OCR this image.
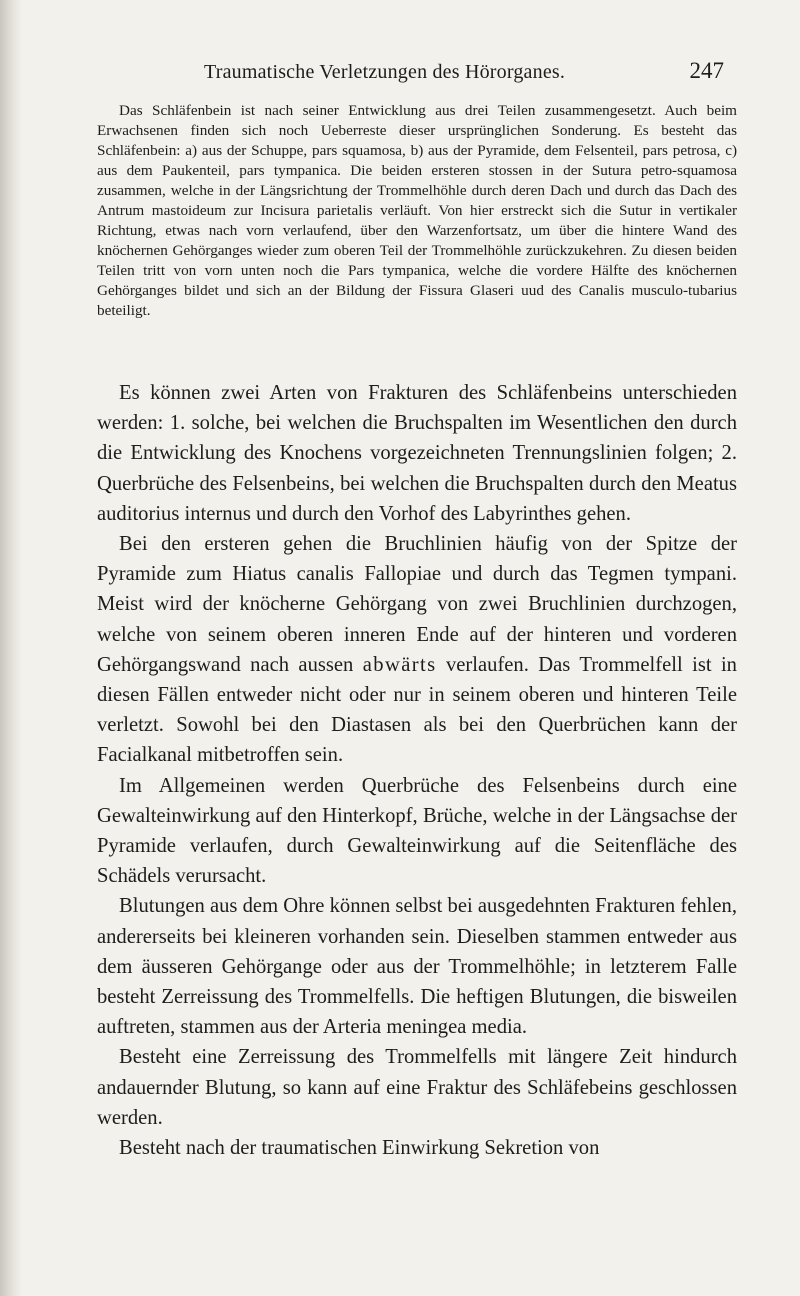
Traumatische Verletzungen des Hörorganes.	247

Das Schläfenbein ist nach seiner Entwicklung aus drei Teilen zusammengesetzt. Auch beim Erwachsenen finden sich noch Ueberreste dieser ursprünglichen Sonderung. Es besteht das Schläfenbein: a) aus der Schuppe, pars squamosa, b) aus der Pyramide, dem Felsenteil, pars petrosa, c) aus dem Paukenteil, pars tympanica. Die beiden ersteren stossen in der Sutura petro-squamosa zusammen, welche in der Längsrichtung der Trommelhöhle durch deren Dach und durch das Dach des Antrum mastoideum zur Incisura parietalis verläuft. Von hier erstreckt sich die Sutur in vertikaler Richtung, etwas nach vorn verlaufend, über den Warzenfortsatz, um über die hintere Wand des knöchernen Gehörganges wieder zum oberen Teil der Trommelhöhle zurückzukehren. Zu diesen beiden Teilen tritt von vorn unten noch die Pars tympanica, welche die vordere Hälfte des knöchernen Gehörganges bildet und sich an der Bildung der Fissura Glaseri uud des Canalis musculo-tubarius beteiligt.

Es können zwei Arten von Frakturen des Schläfenbeins unterschieden werden: 1. solche, bei welchen die Bruchspalten im Wesentlichen den durch die Entwicklung des Knochens vorgezeichneten Trennungslinien folgen; 2. Querbrüche des Felsenbeins, bei welchen die Bruchspalten durch den Meatus auditorius internus und durch den Vorhof des Labyrinthes gehen.

Bei den ersteren gehen die Bruchlinien häufig von der Spitze der Pyramide zum Hiatus canalis Fallopiae und durch das Tegmen tympani. Meist wird der knöcherne Gehörgang von zwei Bruchlinien durchzogen, welche von seinem oberen inneren Ende auf der hinteren und vorderen Gehörgangswand nach aussen abwärts verlaufen. Das Trommelfell ist in diesen Fällen entweder nicht oder nur in seinem oberen und hinteren Teile verletzt. Sowohl bei den Diastasen als bei den Querbrüchen kann der Facialkanal mitbetroffen sein.

Im Allgemeinen werden Querbrüche des Felsenbeins durch eine Gewalteinwirkung auf den Hinterkopf, Brüche, welche in der Längsachse der Pyramide verlaufen, durch Gewalteinwirkung auf die Seitenfläche des Schädels verursacht.

Blutungen aus dem Ohre können selbst bei ausgedehnten Frakturen fehlen, andererseits bei kleineren vorhanden sein. Dieselben stammen entweder aus dem äusseren Gehörgange oder aus der Trommelhöhle; in letzterem Falle besteht Zerreissung des Trommelfells. Die heftigen Blutungen, die bisweilen auftreten, stammen aus der Arteria meningea media.

Besteht eine Zerreissung des Trommelfells mit längere Zeit hindurch andauernder Blutung, so kann auf eine Fraktur des Schläfebeins geschlossen werden.

Besteht nach der traumatischen Einwirkung Sekretion von
